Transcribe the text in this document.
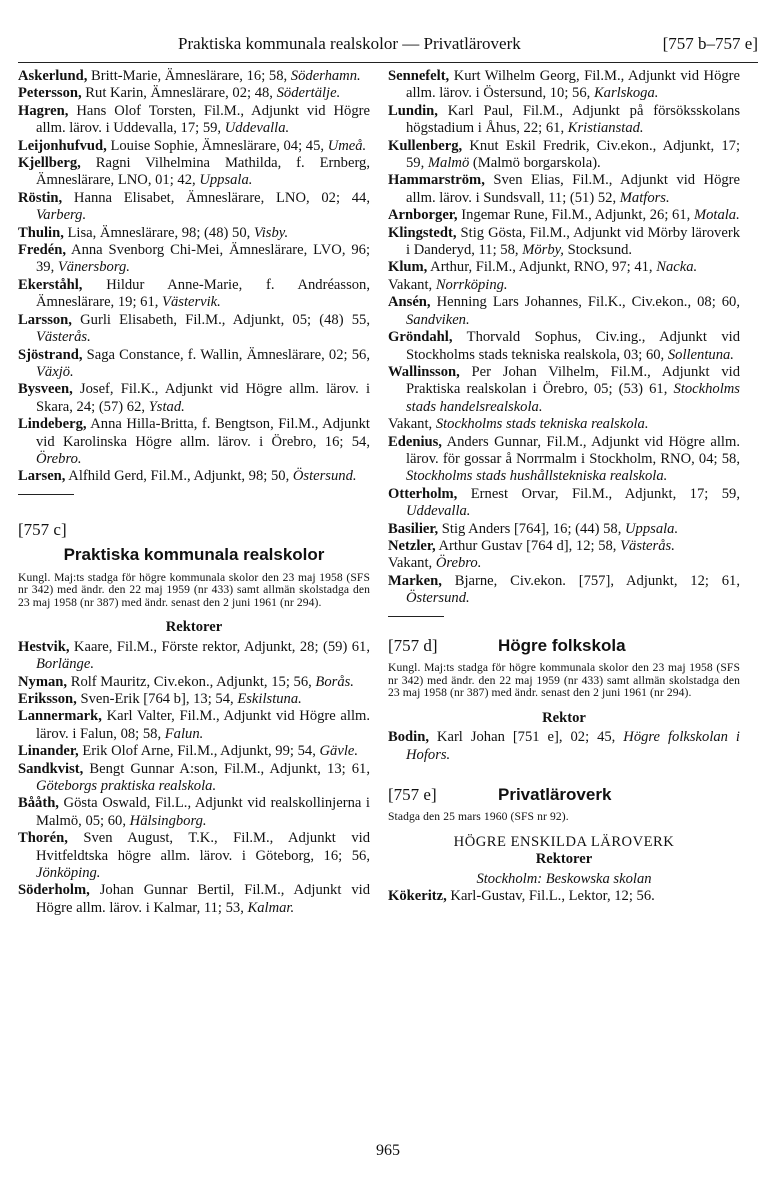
Praktiska kommunala realskolor — Privatläroverk	[757 b–757 e]

Askerlund, Britt-Marie, Ämneslärare, 16; 58, Söderhamn.

Petersson, Rut Karin, Ämneslärare, 02; 48, Södertälje.

Hagren, Hans Olof Torsten, Fil.M., Adjunkt vid Högre allm. lärov. i Uddevalla, 17; 59, Uddevalla.

Leijonhufvud, Louise Sophie, Ämneslärare, 04; 45, Umeå.

Kjellberg, Ragni Vilhelmina Mathilda, f. Ernberg, Ämneslärare, LNO, 01; 42, Uppsala.

Röstin, Hanna Elisabet, Ämneslärare, LNO, 02; 44, Varberg.

Thulin, Lisa, Ämneslärare, 98; (48) 50, Visby.

Fredén, Anna Svenborg Chi-Mei, Ämneslärare, LVO, 96; 39, Vänersborg.

Ekerståhl, Hildur Anne-Marie, f. Andréasson, Ämneslärare, 19; 61, Västervik.

Larsson, Gurli Elisabeth, Fil.M., Adjunkt, 05; (48) 55, Västerås.

Sjöstrand, Saga Constance, f. Wallin, Ämneslärare, 02; 56, Växjö.

Bysveen, Josef, Fil.K., Adjunkt vid Högre allm. lärov. i Skara, 24; (57) 62, Ystad.

Lindeberg, Anna Hilla-Britta, f. Bengtson, Fil.M., Adjunkt vid Karolinska Högre allm. lärov. i Örebro, 16; 54, Örebro.

Larsen, Alfhild Gerd, Fil.M., Adjunkt, 98; 50, Östersund.

[757 c]
Praktiska kommunala realskolor

Kungl. Maj:ts stadga för högre kommunala skolor den 23 maj 1958 (SFS nr 342) med ändr. den 22 maj 1959 (nr 433) samt allmän skolstadga den 23 maj 1958 (nr 387) med ändr. senast den 2 juni 1961 (nr 294).

Rektorer

Hestvik, Kaare, Fil.M., Förste rektor, Adjunkt, 28; (59) 61, Borlänge.

Nyman, Rolf Mauritz, Civ.ekon., Adjunkt, 15; 56, Borås.

Eriksson, Sven-Erik [764 b], 13; 54, Eskilstuna.

Lannermark, Karl Valter, Fil.M., Adjunkt vid Högre allm. lärov. i Falun, 08; 58, Falun.

Linander, Erik Olof Arne, Fil.M., Adjunkt, 99; 54, Gävle.

Sandkvist, Bengt Gunnar A:son, Fil.M., Adjunkt, 13; 61, Göteborgs praktiska realskola.

Bååth, Gösta Oswald, Fil.L., Adjunkt vid realskollinjerna i Malmö, 05; 60, Hälsingborg.

Thorén, Sven August, T.K., Fil.M., Adjunkt vid Hvitfeldtska högre allm. lärov. i Göteborg, 16; 56, Jönköping.

Söderholm, Johan Gunnar Bertil, Fil.M., Adjunkt vid Högre allm. lärov. i Kalmar, 11; 53, Kalmar.

Sennefelt, Kurt Wilhelm Georg, Fil.M., Adjunkt vid Högre allm. lärov. i Östersund, 10; 56, Karlskoga.

Lundin, Karl Paul, Fil.M., Adjunkt på försöksskolans högstadium i Åhus, 22; 61, Kristianstad.

Kullenberg, Knut Eskil Fredrik, Civ.ekon., Adjunkt, 17; 59, Malmö (Malmö borgarskola).

Hammarström, Sven Elias, Fil.M., Adjunkt vid Högre allm. lärov. i Sundsvall, 11; (51) 52, Matfors.

Arnborger, Ingemar Rune, Fil.M., Adjunkt, 26; 61, Motala.

Klingstedt, Stig Gösta, Fil.M., Adjunkt vid Mörby läroverk i Danderyd, 11; 58, Mörby, Stocksund.

Klum, Arthur, Fil.M., Adjunkt, RNO, 97; 41, Nacka.

Vakant, Norrköping.

Ansén, Henning Lars Johannes, Fil.K., Civ.ekon., 08; 60, Sandviken.

Gröndahl, Thorvald Sophus, Civ.ing., Adjunkt vid Stockholms stads tekniska realskola, 03; 60, Sollentuna.

Wallinsson, Per Johan Vilhelm, Fil.M., Adjunkt vid Praktiska realskolan i Örebro, 05; (53) 61, Stockholms stads handelsrealskola.

Vakant, Stockholms stads tekniska realskola.

Edenius, Anders Gunnar, Fil.M., Adjunkt vid Högre allm. lärov. för gossar å Norrmalm i Stockholm, RNO, 04; 58, Stockholms stads hushållstekniska realskola.

Otterholm, Ernest Orvar, Fil.M., Adjunkt, 17; 59, Uddevalla.

Basilier, Stig Anders [764], 16; (44) 58, Uppsala.

Netzler, Arthur Gustav [764 d], 12; 58, Västerås.

Vakant, Örebro.

Marken, Bjarne, Civ.ekon. [757], Adjunkt, 12; 61, Östersund.

[757 d]	Högre folkskola

Kungl. Maj:ts stadga för högre kommunala skolor den 23 maj 1958 (SFS nr 342) med ändr. den 22 maj 1959 (nr 433) samt allmän skolstadga den 23 maj 1958 (nr 387) med ändr. senast den 2 juni 1961 (nr 294).

Rektor

Bodin, Karl Johan [751 e], 02; 45, Högre folkskolan i Hofors.

[757 e]	Privatläroverk

Stadga den 25 mars 1960 (SFS nr 92).

HÖGRE ENSKILDA LÄROVERK
Rektorer
Stockholm: Beskowska skolan

Kökeritz, Karl-Gustav, Fil.L., Lektor, 12; 56.

965
